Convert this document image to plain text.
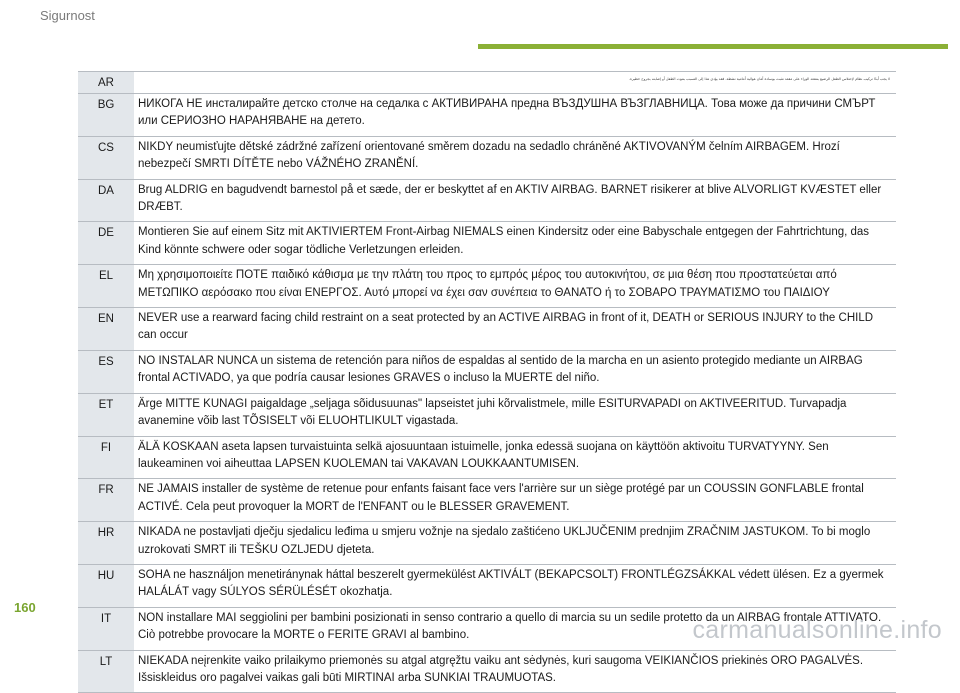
Sigurnost
AR	لا يجب أبدًا تركيب نظام لإحتلاس الطفل الرضيع بمقعد الوراء على مقعد مثبت بوسادة أمان هوائية أمامية نشطة. فقد يؤدي هذا إلى التسبب بموت الطفل أو إصابته بجروح خطيرة.
BG	НИКОГА НЕ инсталирайте детско столче на седалка с АКТИВИРАНА предна ВЪЗДУШНА ВЪЗГЛАВНИЦА. Това може да причини СМЪРТ или СЕРИОЗНО НАРАНЯВАНЕ на детето.
CS	NIKDY neumisťujte dětské zádržné zařízení orientované směrem dozadu na sedadlo chráněné AKTIVOVANÝM čelním AIRBAGEM. Hrozí nebezpečí SMRTI DÍTĚTE nebo VÁŽNÉHO ZRANĚNÍ.
DA	Brug ALDRIG en bagudvendt barnestol på et sæde, der er beskyttet af en AKTIV AIRBAG. BARNET risikerer at blive ALVORLIGT KVÆSTET eller DRÆBT.
DE	Montieren Sie auf einem Sitz mit AKTIVIERTEM Front-Airbag NIEMALS einen Kindersitz oder eine Babyschale entgegen der Fahrtrichtung, das Kind könnte schwere oder sogar tödliche Verletzungen erleiden.
EL	Μη χρησιμοποιείτε ΠΟΤΕ παιδικό κάθισμα με την πλάτη του προς το εμπρός μέρος του αυτοκινήτου, σε μια θέση που προστατεύεται από ΜΕΤΩΠΙΚΟ αερόσακο που είναι ΕΝΕΡΓΟΣ. Αυτό μπορεί να έχει σαν συνέπεια το ΘΑΝΑΤΟ ή το ΣΟΒΑΡΟ ΤΡΑΥΜΑΤΙΣΜΟ του ΠΑΙΔΙΟΥ
EN	NEVER use a rearward facing child restraint on a seat protected by an ACTIVE AIRBAG in front of it, DEATH or SERIOUS INJURY to the CHILD can occur
ES	NO INSTALAR NUNCA un sistema de retención para niños de espaldas al sentido de la marcha en un asiento protegido mediante un AIRBAG frontal ACTIVADO, ya que podría causar lesiones GRAVES o incluso la MUERTE del niño.
ET	Ärge MITTE KUNAGI paigaldage „seljaga sõidusuunas" lapseistet juhi kõrvalistmele, mille ESITURVAPADI on AKTIVEERITUD. Turvapadja avanemine võib last TÕSISELT või ELUOHTLIKULT vigastada.
FI	ÄLÄ KOSKAAN aseta lapsen turvaistuinta selkä ajosuuntaan istuimelle, jonka edessä suojana on käyttöön aktivoitu TURVATYYNY. Sen laukeaminen voi aiheuttaa LAPSEN KUOLEMAN tai VAKAVAN LOUKKAANTUMISEN.
FR	NE JAMAIS installer de système de retenue pour enfants faisant face vers l'arrière sur un siège protégé par un COUSSIN GONFLABLE frontal ACTIVÉ. Cela peut provoquer la MORT de l'ENFANT ou le BLESSER GRAVEMENT.
HR	NIKADA ne postavljati dječju sjedalicu leđima u smjeru vožnje na sjedalo zaštićeno UKLJUČENIM prednjim ZRAČNIM JASTUKOM. To bi moglo uzrokovati SMRT ili TEŠKU OZLJEDU djeteta.
HU	SOHA ne használjon menetiránynak háttal beszerelt gyermekülést AKTIVÁLT (BEKAPCSOLT) FRONTLÉGZSÁKKAL védett ülésen. Ez a gyermek HALÁLÁT vagy SÚLYOS SÉRÜLÉSÉT okozhatja.
IT	NON installare MAI seggiolini per bambini posizionati in senso contrario a quello di marcia su un sedile protetto da un AIRBAG frontale ATTIVATO. Ciò potrebbe provocare la MORTE o FERITE GRAVI al bambino.
LT	NIEKADA neįrenkite vaiko prilaikymo priemonės su atgal atgręžtu vaiku ant sėdynės, kuri saugoma VEIKIANČIOS priekinės ORO PAGALVĖS. Išsiskleidus oro pagalvei vaikas gali būti MIRTINAI arba SUNKIAI TRAUMUOTAS.
160
carmanualsonline.info
